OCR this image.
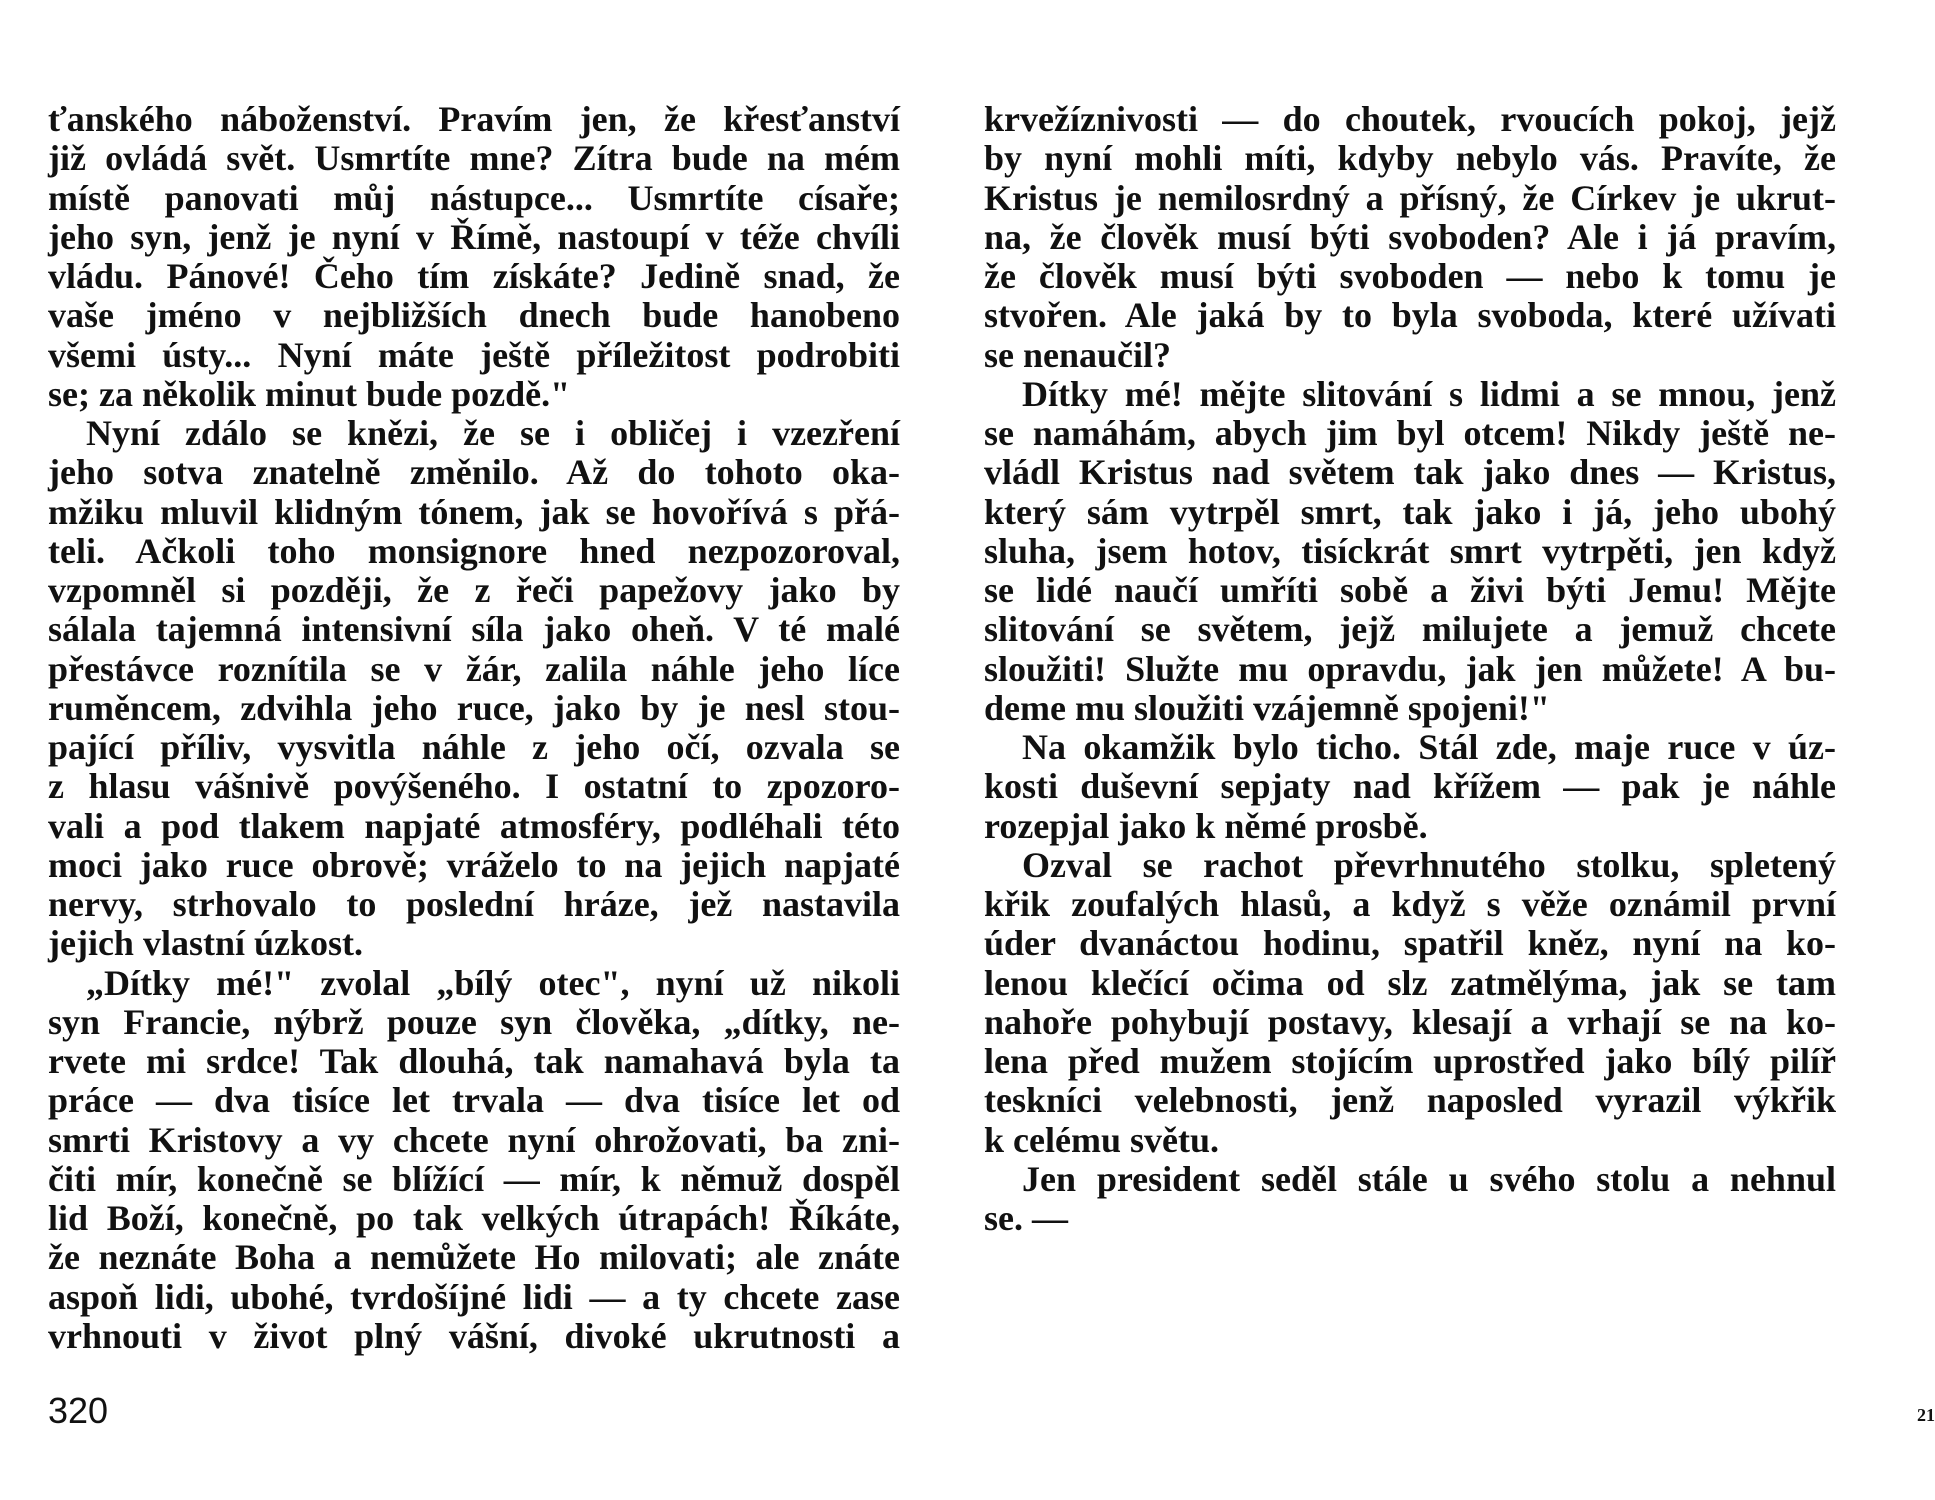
ťanského náboženství. Pravím jen, že křesťanství
již ovládá svět. Usmrtíte mne? Zítra bude na mém
místě panovati můj nástupce... Usmrtíte císaře;
jeho syn, jenž je nyní v Římě, nastoupí v téže chvíli
vládu. Pánové! Čeho tím získáte? Jedině snad, že
vaše jméno v nejbližších dnech bude hanobeno
všemi ústy... Nyní máte ještě příležitost podrobiti
se; za několik minut bude pozdě."
Nyní zdálo se knězi, že se i obličej i vzezření
jeho sotva znatelně změnilo. Až do tohoto oka-
mžiku mluvil klidným tónem, jak se hovořívá s přá-
teli. Ačkoli toho monsignore hned nezpozoroval,
vzpomněl si později, že z řeči papežovy jako by
sálala tajemná intensivní síla jako oheň. V té malé
přestávce roznítila se v žár, zalila náhle jeho líce
ruměncem, zdvihla jeho ruce, jako by je nesl stou-
pající příliv, vysvitla náhle z jeho očí, ozvala se
z hlasu vášnivě povýšeného. I ostatní to zpozoro-
vali a pod tlakem napjaté atmosféry, podléhali této
moci jako ruce obrově; vráželo to na jejich napjaté
nervy, strhovalo to poslední hráze, jež nastavila
jejich vlastní úzkost.
„Dítky mé!" zvolal „bílý otec", nyní už nikoli
syn Francie, nýbrž pouze syn člověka, „dítky, ne-
rvete mi srdce! Tak dlouhá, tak namahavá byla ta
práce — dva tisíce let trvala — dva tisíce let od
smrti Kristovy a vy chcete nyní ohrožovati, ba zni-
čiti mír, konečně se blížící — mír, k němuž dospěl
lid Boží, konečně, po tak velkých útrapách! Říkáte,
že neznáte Boha a nemůžete Ho milovati; ale znáte
aspoň lidi, ubohé, tvrdošíjné lidi — a ty chcete zase
vrhnouti v život plný vášní, divoké ukrutnosti a
320
krvežíznivosti — do choutek, rvoucích pokoj, jejž
by nyní mohli míti, kdyby nebylo vás. Pravíte, že
Kristus je nemilosrdný a přísný, že Církev je ukrut-
na, že člověk musí býti svoboden? Ale i já pravím,
že člověk musí býti svoboden — nebo k tomu je
stvořen. Ale jaká by to byla svoboda, které užívati
se nenaučil?
Dítky mé! mějte slitování s lidmi a se mnou, jenž
se namáhám, abych jim byl otcem! Nikdy ještě ne-
vládl Kristus nad světem tak jako dnes — Kristus,
který sám vytrpěl smrt, tak jako i já, jeho ubohý
sluha, jsem hotov, tisíckrát smrt vytrpěti, jen když
se lidé naučí umříti sobě a živi býti Jemu! Mějte
slitování se světem, jejž milujete a jemuž chcete
sloužiti! Služte mu opravdu, jak jen můžete! A bu-
deme mu sloužiti vzájemně spojeni!"
Na okamžik bylo ticho. Stál zde, maje ruce v úz-
kosti duševní sepjaty nad křížem — pak je náhle
rozepjal jako k němé prosbě.
Ozval se rachot převrhnutého stolku, spletený
křik zoufalých hlasů, a když s věže oznámil první
úder dvanáctou hodinu, spatřil kněz, nyní na ko-
lenou klečící očima od slz zatmělýma, jak se tam
nahoře pohybují postavy, klesají a vrhají se na ko-
lena před mužem stojícím uprostřed jako bílý pilíř
teskníci velebnosti, jenž naposled vyrazil výkřik
k celému světu.
Jen president seděl stále u svého stolu a nehnul
se. —
21
